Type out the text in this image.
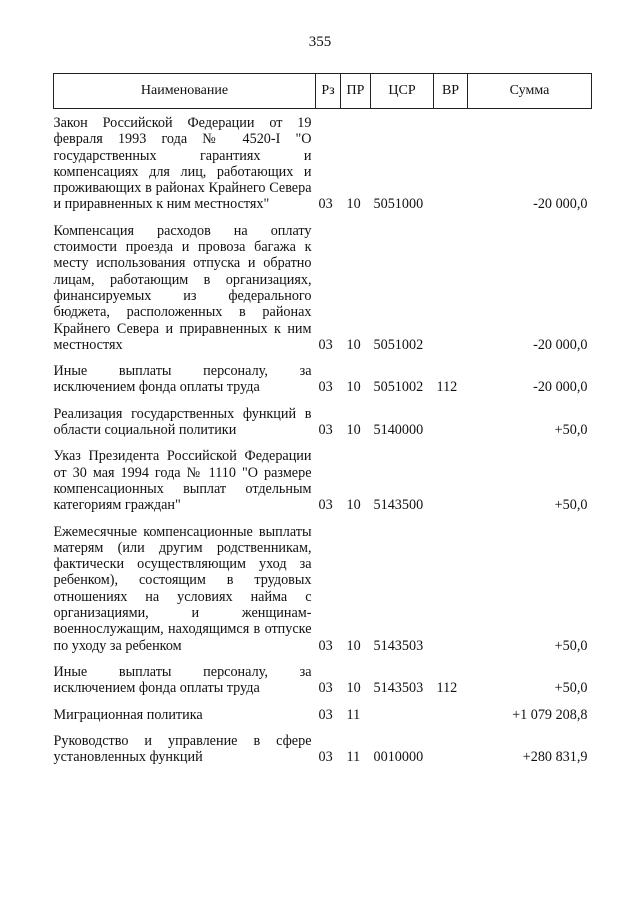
355
Наименование	Рз	ПР	ЦСР	ВР	Сумма

Закон Российской Федерации от 19 февраля 1993 года № 4520-I "О государственных гарантиях и компенсациях для лиц, работающих и проживающих в районах Крайнего Севера и приравненных к ним местностях"	03	10	5051000		-20 000,0

Компенсация расходов на оплату стоимости проезда и провоза багажа к месту использования отпуска и обратно лицам, работающим в организациях, финансируемых из федерального бюджета, расположенных в районах Крайнего Севера и приравненных к ним местностях	03	10	5051002		-20 000,0

Иные выплаты персоналу, за исключением фонда оплаты труда	03	10	5051002	112	-20 000,0

Реализация государственных функций в области социальной политики	03	10	5140000		+50,0

Указ Президента Российской Федерации от 30 мая 1994 года № 1110 "О размере компенсационных выплат отдельным категориям граждан"	03	10	5143500		+50,0

Ежемесячные компенсационные выплаты матерям (или другим родственникам, фактически осуществляющим уход за ребенком), состоящим в трудовых отношениях на условиях найма с организациями, и женщинам-военнослужащим, находящимся в отпуске по уходу за ребенком	03	10	5143503		+50,0

Иные выплаты персоналу, за исключением фонда оплаты труда	03	10	5143503	112	+50,0

Миграционная политика	03	11			+1 079 208,8

Руководство и управление в сфере установленных функций	03	11	0010000		+280 831,9
